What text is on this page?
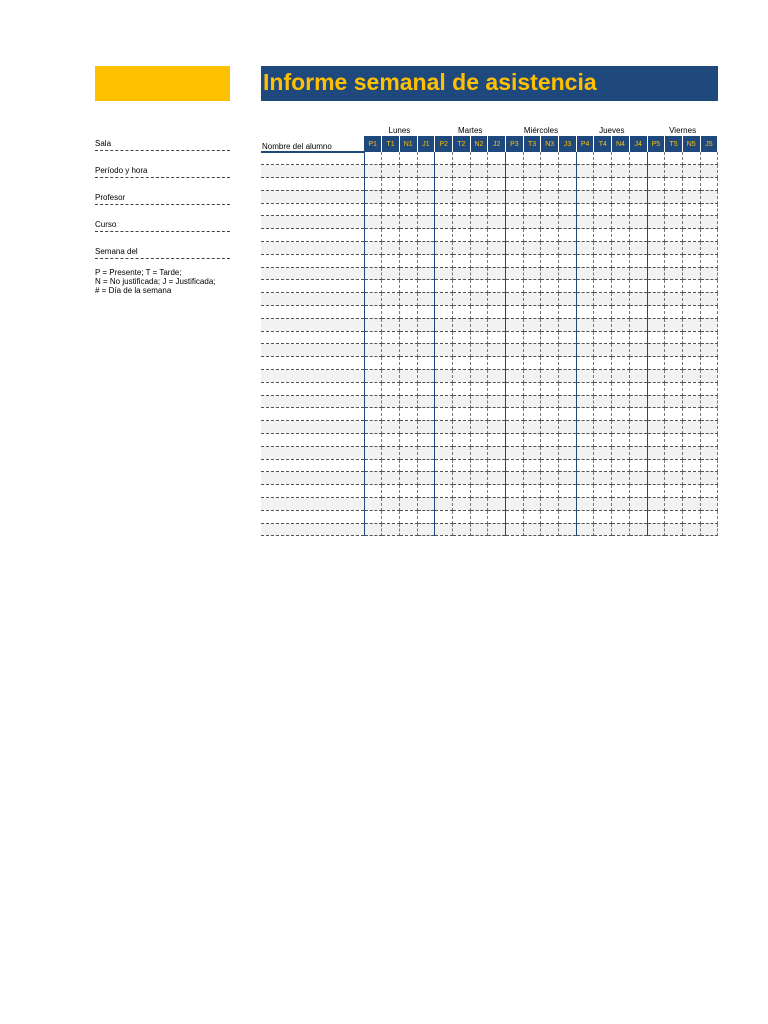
Informe semanal de asistencia
Sala
Período y hora
Profesor
Curso
Semana del
P = Presente; T = Tarde;
N = No justificada; J = Justificada;
# = Día de la semana
Lunes	Martes	Miércoles	Jueves	Viernes
Nombre del alumno	P1	T1	N1	J1	P2	T2	N2	J2	P3	T3	N3	J3	P4	T4	N4	J4	P5	T5	N5	J5
